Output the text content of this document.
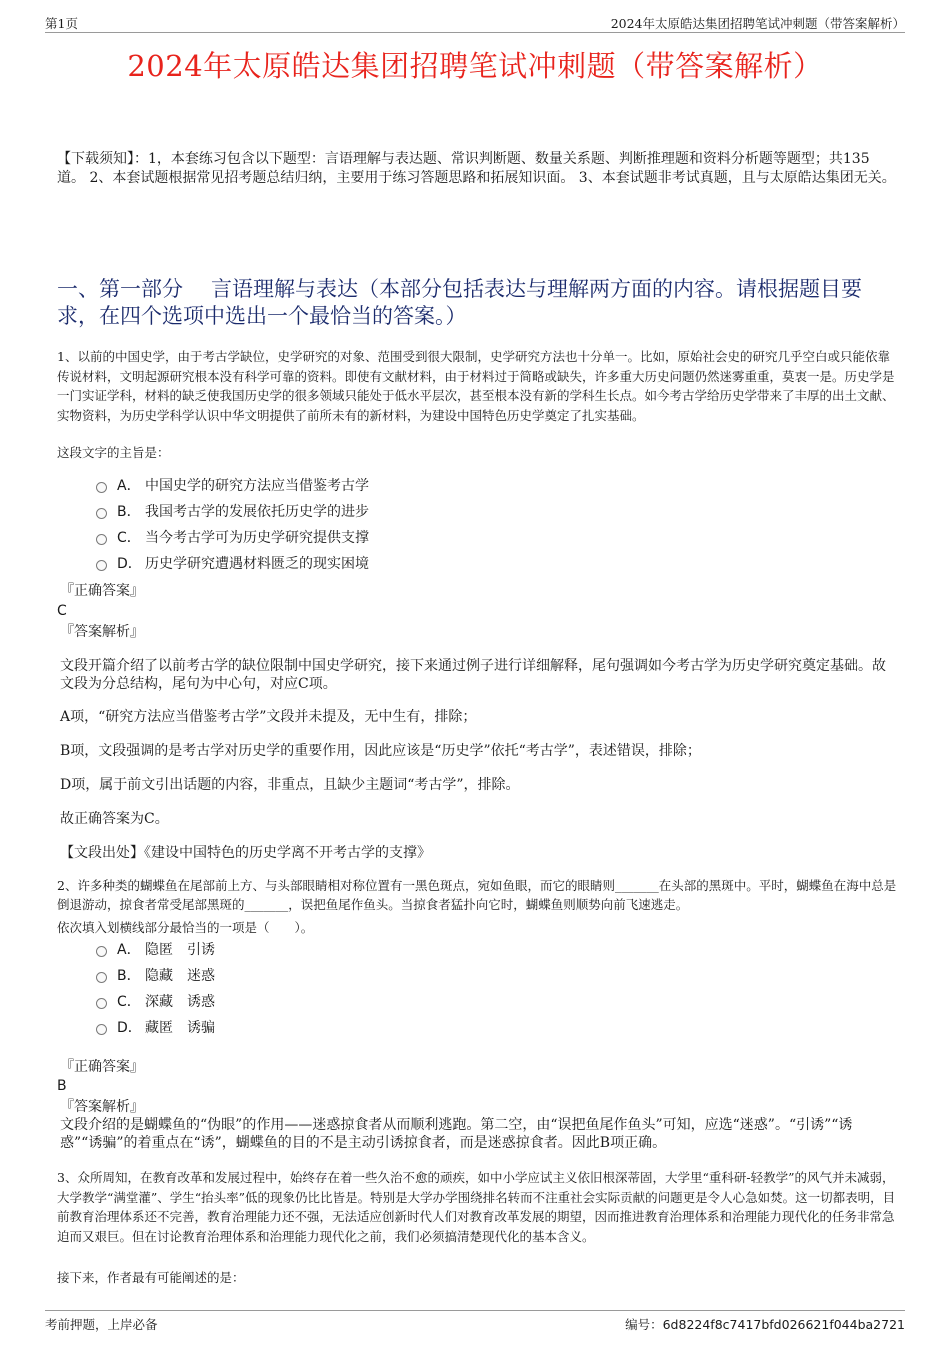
第1页	2024年太原皓达集团招聘笔试冲刺题（带答案解析）
2024年太原皓达集团招聘笔试冲刺题（带答案解析）
【下载须知】：1，本套练习包含以下题型：言语理解与表达题、常识判断题、数量关系题、判断推理题和资料分析题等题型；共135道。 2、本套试题根据常见招考题总结归纳，主要用于练习答题思路和拓展知识面。 3、本套试题非考试真题，且与太原皓达集团无关。
一、第一部分 言语理解与表达（本部分包括表达与理解两方面的内容。请根据题目要求，在四个选项中选出一个最恰当的答案。）
1、以前的中国史学，由于考古学缺位，史学研究的对象、范围受到很大限制，史学研究方法也十分单一。比如，原始社会史的研究几乎空白或只能依靠传说材料，文明起源研究根本没有科学可靠的资料。即使有文献材料，由于材料过于简略或缺失，许多重大历史问题仍然迷雾重重，莫衷一是。历史学是一门实证学科，材料的缺乏使我国历史学的很多领域只能处于低水平层次，甚至根本没有新的学科生长点。如今考古学给历史学带来了丰厚的出土文献、实物资料，为历史学科学认识中华文明提供了前所未有的新材料，为建设中国特色历史学奠定了扎实基础。
这段文字的主旨是：
A． 中国史学的研究方法应当借鉴考古学
B． 我国考古学的发展依托历史学的进步
C． 当今考古学可为历史学研究提供支撑
D． 历史学研究遭遇材料匮乏的现实困境
『正确答案』
C
『答案解析』
文段开篇介绍了以前考古学的缺位限制中国史学研究，接下来通过例子进行详细解释，尾句强调如今考古学为历史学研究奠定基础。故文段为分总结构，尾句为中心句，对应C项。
A项，“研究方法应当借鉴考古学”文段并未提及，无中生有，排除；
B项，文段强调的是考古学对历史学的重要作用，因此应该是“历史学”依托“考古学”，表述错误，排除；
D项，属于前文引出话题的内容，非重点，且缺少主题词“考古学”，排除。
故正确答案为C。
【文段出处】《建设中国特色的历史学离不开考古学的支撑》
2、许多种类的蝴蝶鱼在尾部前上方、与头部眼睛相对称位置有一黑色斑点，宛如鱼眼，而它的眼睛则_______在头部的黑斑中。平时，蝴蝶鱼在海中总是倒退游动，掠食者常受尾部黑斑的_______，误把鱼尾作鱼头。当掠食者猛扑向它时，蝴蝶鱼则顺势向前飞速逃走。
依次填入划横线部分最恰当的一项是（　　）。
A． 隐匿　引诱
B． 隐藏　迷惑
C． 深藏　诱惑
D． 藏匿　诱骗
『正确答案』
B
『答案解析』
文段介绍的是蝴蝶鱼的“伪眼”的作用——迷惑掠食者从而顺利逃跑。第二空，由“误把鱼尾作鱼头”可知，应选“迷惑”。“引诱”“诱惑”“诱骗”的着重点在“诱”，蝴蝶鱼的目的不是主动引诱掠食者，而是迷惑掠食者。因此B项正确。
3、众所周知，在教育改革和发展过程中，始终存在着一些久治不愈的顽疾，如中小学应试主义依旧根深蒂固，大学里“重科研-轻教学”的风气并未减弱，大学教学“满堂灌”、学生“抬头率”低的现象仍比比皆是。特别是大学办学围绕排名转而不注重社会实际贡献的问题更是令人心急如焚。这一切都表明，目前教育治理体系还不完善，教育治理能力还不强，无法适应创新时代人们对教育改革发展的期望，因而推进教育治理体系和治理能力现代化的任务非常急迫而又艰巨。但在讨论教育治理体系和治理能力现代化之前，我们必须搞清楚现代化的基本含义。
接下来，作者最有可能阐述的是：
考前押题，上岸必备	编号：6d8224f8c7417bfd026621f044ba2721
